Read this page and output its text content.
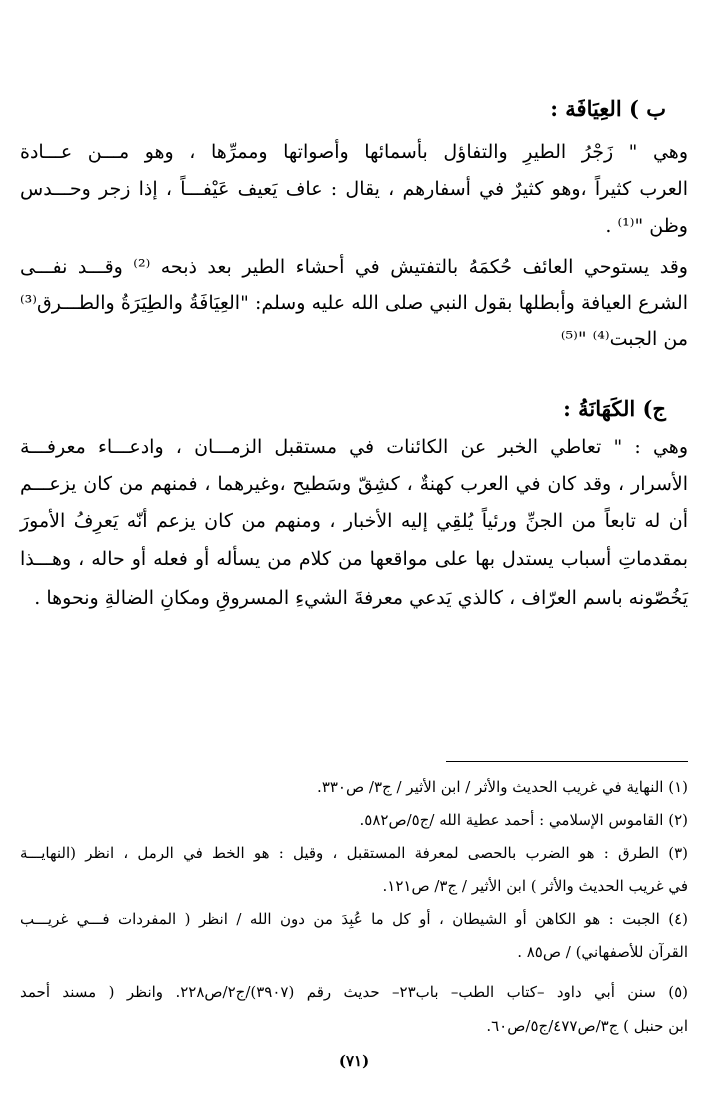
ب ) العِيَافَة :
وهي " زَجْرُ الطيرِ والتفاؤل بأسمائها وأصواتها وممرِّها ، وهو مـــن عـــادة
العرب كثيراً ،وهو كثيرٌ في أسفارهم ، يقال : عاف يَعيف عَيْفـــاً ، إذا زجر وحـــدس
وظن "⁽¹⁾ .
وقد يستوحي العائف حُكمَهُ بالتفتيش في أحشاء الطير بعد ذبحه ⁽²⁾ وقـــد نفـــى
الشرع العيافة وأبطلها بقول النبي صلى الله عليه وسلم: "العِيَافَةُ والطِيَرَةُ والطـــرق⁽³⁾
من الجبت⁽⁴⁾ "⁽⁵⁾
ج) الكَهَانَةُ :
وهي : " تعاطي الخبر عن الكائنات في مستقبل الزمـــان ، وادعـــاء معرفـــة
الأسرار ، وقد كان في العرب كهنةٌ ، كشِقّ وسَطيح ،وغيرهما ، فمنهم من كان يزعـــم
أن له تابعاً من الجنِّ ورئياً يُلقِي إليه الأخبار ، ومنهم من كان يزعم أنّه يَعرِفُ الأمورَ
بمقدماتِ أسباب يستدل بها على مواقعها من كلام من يسأله أو فعله أو حاله ، وهـــذا
يَخُصّونه باسم العرّاف ، كالذي يَدعي معرفةَ الشيءِ المسروقِ ومكانِ الضالةِ ونحوها .
(١) النهاية في غريب الحديث والأثر / ابن الأثير / ج٣/ ص٣٣٠.
(٢) القاموس الإسلامي : أحمد عطية الله /ج٥/ص٥٨٢.
(٣) الطرق : هو الضرب بالحصى لمعرفة المستقبل ، وقيل : هو الخط في الرمل ، انظر (النهايـــة
في غريب الحديث والأثر ) ابن الأثير / ج٣/ ص١٢١.
(٤) الجبت : هو الكاهن أو الشيطان ، أو كل ما عُبِدَ من دون الله / انظر ( المفردات فـــي غريـــب
القرآن للأصفهاني) / ص٨٥ .
(٥) سنن أبي داود –كتاب الطب– باب٢٣– حديث رقم (٣٩٠٧)/ج٢/ص٢٢٨. وانظر ( مسند أحمد
ابن حنبل ) ج٣/ص٤٧٧/ج٥/ص٦٠.
(٧١)
